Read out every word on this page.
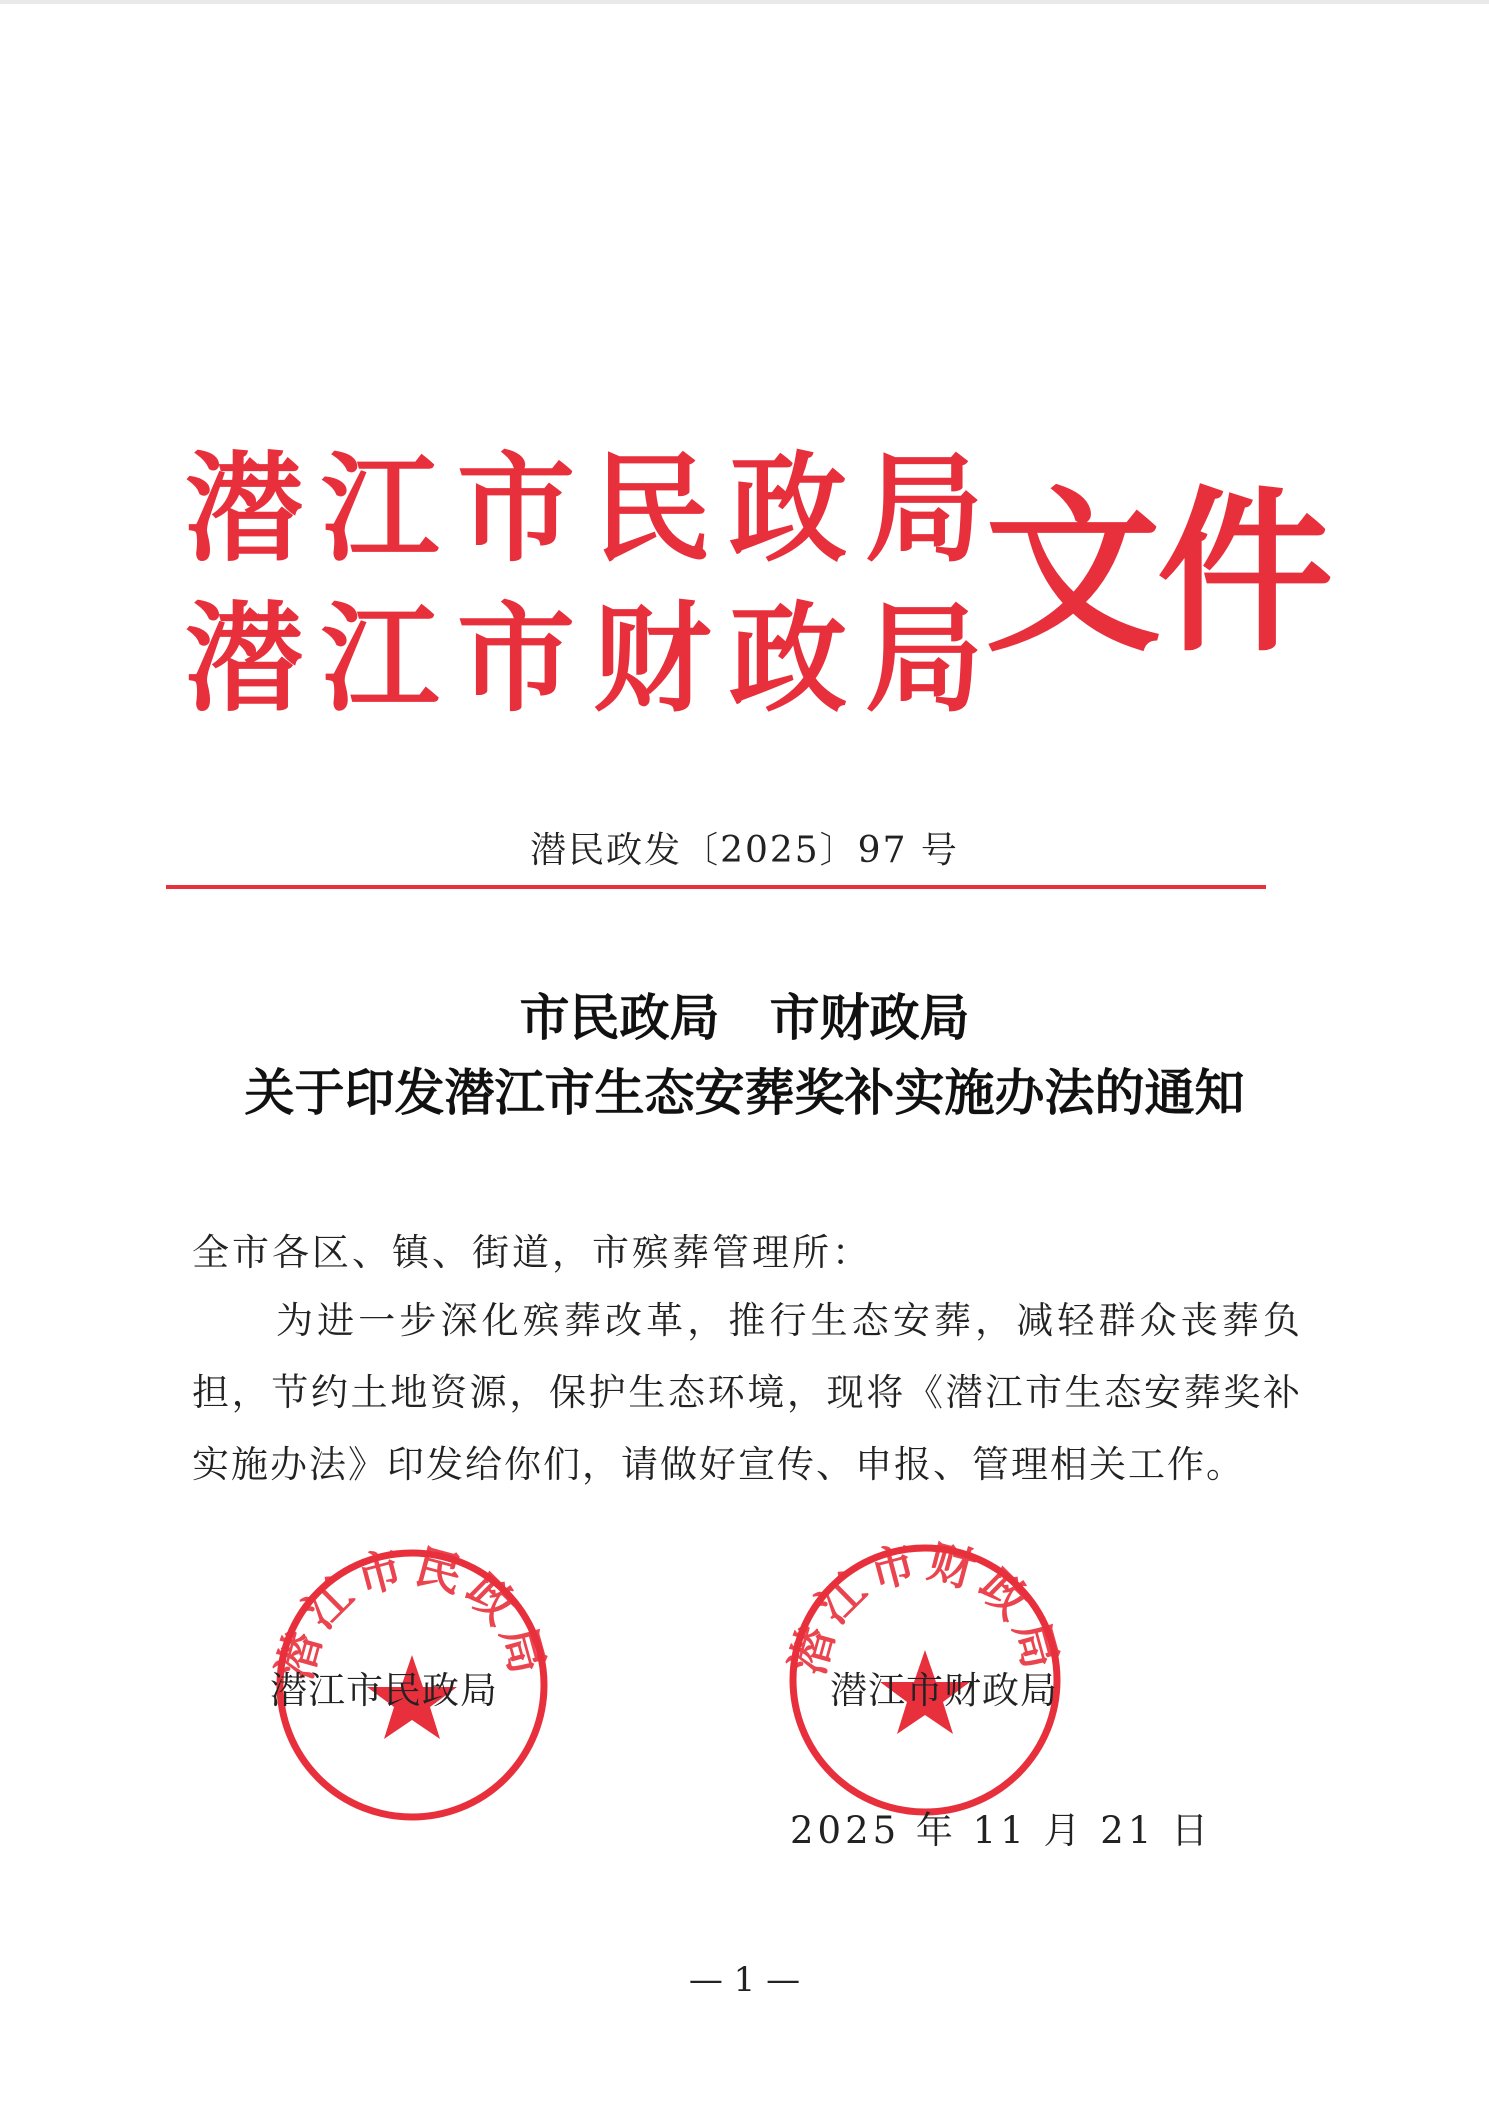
潜江市民政局
潜江市财政局
文件
潜民政发〔2025〕97 号
市民政局　市财政局
关于印发潜江市生态安葬奖补实施办法的通知
全市各区、镇、街道，市殡葬管理所：
为进一步深化殡葬改革，推行生态安葬，减轻群众丧葬负担，节约土地资源，保护生态环境，现将《潜江市生态安葬奖补实施办法》印发给你们，请做好宣传、申报、管理相关工作。
潜江市民政局	潜江市财政局
潜江市民政局	潜江市财政局
2025 年 11 月 21 日
— 1 —
